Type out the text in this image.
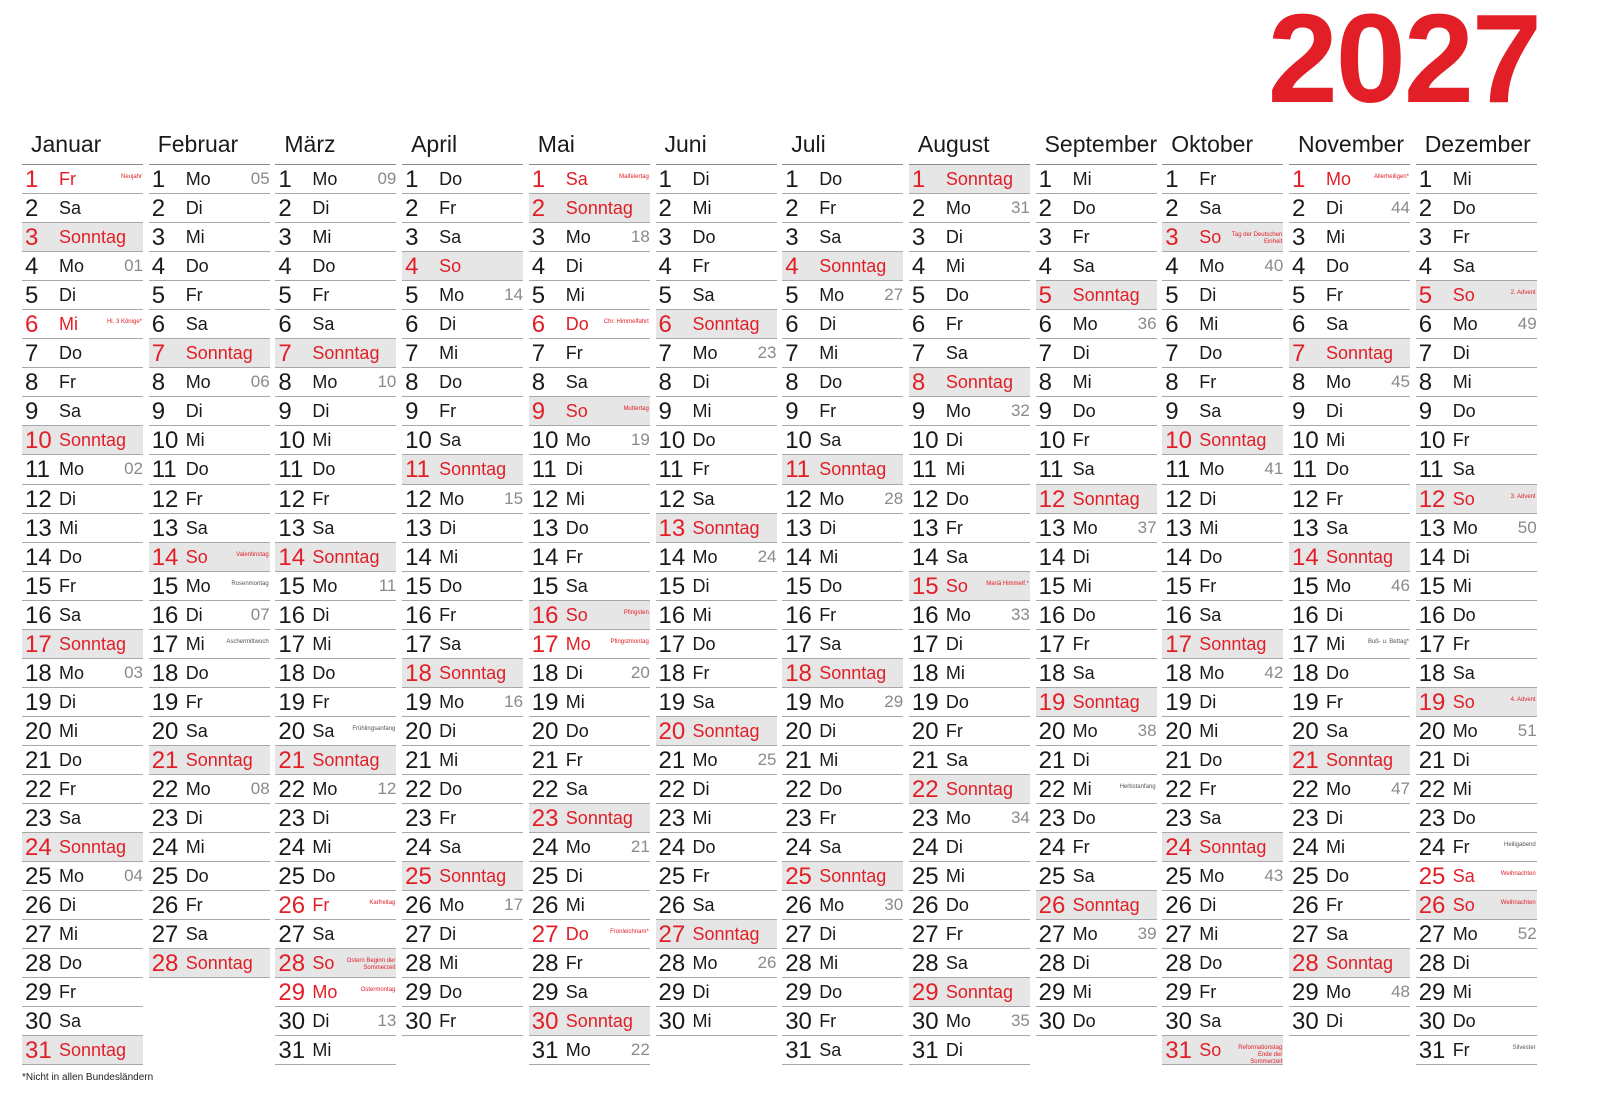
2027
Januar
1 Fr	Neujahr
2 Sa
3 Sonntag
4 Mo 01
5 Di
6 Mi	Hl. 3 Könige*
7 Do
8 Fr
9 Sa
10 Sonntag
11 Mo 02
12 Di
13 Mi
14 Do
15 Fr
16 Sa
17 Sonntag
18 Mo 03
19 Di
20 Mi
21 Do
22 Fr
23 Sa
24 Sonntag
25 Mo 04
26 Di
27 Mi
28 Do
29 Fr
30 Sa
31 Sonntag
Februar
1 Mo 05
2 Di
3 Mi
4 Do
5 Fr
6 Sa
7 Sonntag
8 Mo 06
9 Di
10 Mi
11 Do
12 Fr
13 Sa
14 So	Valentinstag
15 Mo	Rosenmontag
16 Di	07
17 Mi	Aschermittwoch
18 Do
19 Fr
20 Sa
21 Sonntag
22 Mo 08
23 Di
24 Mi
25 Do
26 Fr
27 Sa
28 Sonntag
März
1 Mo 09
2 Di
3 Mi
4 Do
5 Fr
6 Sa
7 Sonntag
8 Mo 10
9 Di
10 Mi
11 Do
12 Fr
13 Sa
14 Sonntag
15 Mo 11
16 Di
17 Mi
18 Do
19 Fr
20 Sa	Frühlingsanfang
21 Sonntag
22 Mo 12
23 Di
24 Mi
25 Do
26 Fr	Karfreitag
27 Sa
28 So	Ostern Beginn der Sommerzeit
29 Mo	Ostermontag
30 Di	13
31 Mi
April
1 Do
2 Fr
3 Sa
4 So
5 Mo 14
6 Di
7 Mi
8 Do
9 Fr
10 Sa
11 Sonntag
12 Mo 15
13 Di
14 Mi
15 Do
16 Fr
17 Sa
18 Sonntag
19 Mo 16
20 Di
21 Mi
22 Do
23 Fr
24 Sa
25 Sonntag
26 Mo 17
27 Di
28 Mi
29 Do
30 Fr
Mai
1 Sa	Maifeiertag
2 Sonntag
3 Mo 18
4 Di
5 Mi
6 Do Chr. Himmelfahrt
7 Fr
8 Sa
9 So	Muttertag
10 Mo 19
11 Di
12 Mi
13 Do
14 Fr
15 Sa
16 So	Pfingsten
17 Mo	Pfingstmontag
18 Di	20
19 Mi
20 Do
21 Fr
22 Sa
23 Sonntag
24 Mo 21
25 Di
26 Mi
27 Do	Fronleichnam*
28 Fr
29 Sa
30 Sonntag
31 Mo 22
Juni
1 Di
2 Mi
3 Do
4 Fr
5 Sa
6 Sonntag
7 Mo 23
8 Di
9 Mi
10 Do
11 Fr
12 Sa
13 Sonntag
14 Mo 24
15 Di
16 Mi
17 Do
18 Fr
19 Sa
20 Sonntag
21 Mo 25
22 Di
23 Mi
24 Do
25 Fr
26 Sa
27 Sonntag
28 Mo 26
29 Di
30 Mi
Juli
1 Do
2 Fr
3 Sa
4 Sonntag
5 Mo 27
6 Di
7 Mi
8 Do
9 Fr
10 Sa
11 Sonntag
12 Mo 28
13 Di
14 Mi
15 Do
16 Fr
17 Sa
18 Sonntag
19 Mo 29
20 Di
21 Mi
22 Do
23 Fr
24 Sa
25 Sonntag
26 Mo 30
27 Di
28 Mi
29 Do
30 Fr
31 Sa
August
1 Sonntag
2 Mo 31
3 Di
4 Mi
5 Do
6 Fr
7 Sa
8 Sonntag
9 Mo 32
10 Di
11 Mi
12 Do
13 Fr
14 Sa
15 So	Mariä Himmelf.*
16 Mo 33
17 Di
18 Mi
19 Do
20 Fr
21 Sa
22 Sonntag
23 Mo 34
24 Di
25 Mi
26 Do
27 Fr
28 Sa
29 Sonntag
30 Mo 35
31 Di
September
1 Mi
2 Do
3 Fr
4 Sa
5 Sonntag
6 Mo 36
7 Di
8 Mi
9 Do
10 Fr
11 Sa
12 Sonntag
13 Mo 37
14 Di
15 Mi
16 Do
17 Fr
18 Sa
19 Sonntag
20 Mo 38
21 Di
22 Mi	Herbstanfang
23 Do
24 Fr
25 Sa
26 Sonntag
27 Mo 39
28 Di
29 Mi
30 Do
Oktober
1 Fr
2 Sa
3 So	Tag der Deutschen Einheit
4 Mo 40
5 Di
6 Mi
7 Do
8 Fr
9 Sa
10 Sonntag
11 Mo 41
12 Di
13 Mi
14 Do
15 Fr
16 Sa
17 Sonntag
18 Mo 42
19 Di
20 Mi
21 Do
22 Fr
23 Sa
24 Sonntag
25 Mo 43
26 Di
27 Mi
28 Do
29 Fr
30 Sa
31 So	Reformationstag Ende der Sommerzeit
November
1 Mo	Allerheiligen*
2 Di	44
3 Mi
4 Do
5 Fr
6 Sa
7 Sonntag
8 Mo 45
9 Di
10 Mi
11 Do
12 Fr
13 Sa
14 Sonntag
15 Mo 46
16 Di
17 Mi	Buß- u. Bettag*
18 Do
19 Fr
20 Sa
21 Sonntag
22 Mo 47
23 Di
24 Mi
25 Do
26 Fr
27 Sa
28 Sonntag
29 Mo 48
30 Di
Dezember
1 Mi
2 Do
3 Fr
4 Sa
5 So	2. Advent
6 Mo 49
7 Di
8 Mi
9 Do
10 Fr
11 Sa
12 So	3. Advent
13 Mo 50
14 Di
15 Mi
16 Do
17 Fr
18 Sa
19 So	4. Advent
20 Mo 51
21 Di
22 Mi
23 Do
24 Fr	Heiligabend
25 Sa	Weihnachten
26 So	Weihnachten
27 Mo 52
28 Di
29 Mi
30 Do
31 Fr	Silvester
*Nicht in allen Bundesländern
